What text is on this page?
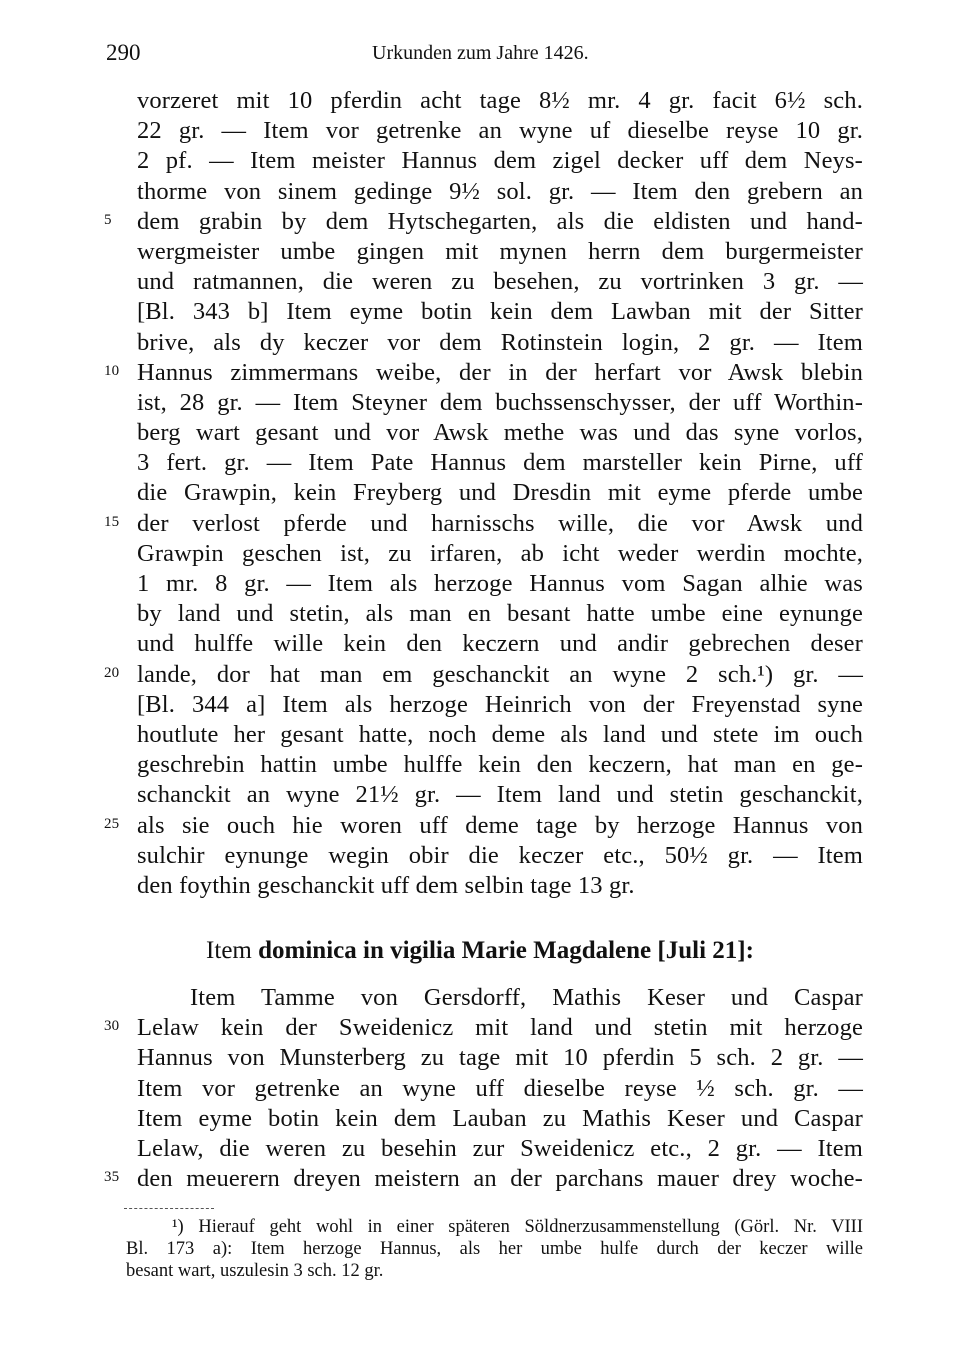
290	Urkunden zum Jahre 1426.
vorzeret mit 10 pferdin acht tage 8½ mr. 4 gr. facit 6½ sch.
22 gr. — Item vor getrenke an wyne uf dieselbe reyse 10 gr.
2 pf. — Item meister Hannus dem zigel decker uff dem Neys-
thorme von sinem gedinge 9½ sol. gr. — Item den grebern an
5 dem grabin by dem Hytschegarten, als die eldisten und hand-
wergmeister umbe gingen mit mynen herrn dem burgermeister
und ratmannen, die weren zu besehen, zu vortrinken 3 gr. —
[Bl. 343 b] Item eyme botin kein dem Lawban mit der Sitter
brive, als dy keczer vor dem Rotinstein login, 2 gr. — Item
10 Hannus zimmermans weibe, der in der herfart vor Awsk blebin
ist, 28 gr. — Item Steyner dem buchssenschysser, der uff Worthin-
berg wart gesant und vor Awsk methe was und das syne vorlos,
3 fert. gr. — Item Pate Hannus dem marsteller kein Pirne, uff
die Grawpin, kein Freyberg und Dresdin mit eyme pferde umbe
15 der verlost pferde und harnisschs wille, die vor Awsk und
Grawpin geschen ist, zu irfaren, ab icht weder werdin mochte,
1 mr. 8 gr. — Item als herzoge Hannus vom Sagan alhie was
by land und stetin, als man en besant hatte umbe eine eynunge
und hulffe wille kein den keczern und andir gebrechen deser
20 lande, dor hat man em geschanckit an wyne 2 sch.¹) gr. —
[Bl. 344 a] Item als herzoge Heinrich von der Freyenstad syne
houtlute her gesant hatte, noch deme als land und stete im ouch
geschrebin hattin umbe hulffe kein den keczern, hat man en ge-
schanckit an wyne 21½ gr. — Item land und stetin geschanckit,
25 als sie ouch hie woren uff deme tage by herzoge Hannus von
sulchir eynunge wegin obir die keczer etc., 50½ gr. — Item
den foythin geschanckit uff dem selbin tage 13 gr.
Item dominica in vigilia Marie Magdalene [Juli 21]:
Item Tamme von Gersdorff, Mathis Keser und Caspar
30 Lelaw kein der Sweidenicz mit land und stetin mit herzoge
Hannus von Munsterberg zu tage mit 10 pferdin 5 sch. 2 gr. —
Item vor getrenke an wyne uff dieselbe reyse ½ sch. gr. —
Item eyme botin kein dem Lauban zu Mathis Keser und Caspar
Lelaw, die weren zu besehin zur Sweidenicz etc., 2 gr. — Item
35 den meuerern dreyen meistern an der parchans mauer drey woche-
¹) Hierauf geht wohl in einer späteren Söldnerzusammenstellung (Görl. Nr. VIII
Bl. 173 a): Item herzoge Hannus, als her umbe hulfe durch der keczer wille
besant wart, uszulesin 3 sch. 12 gr.
